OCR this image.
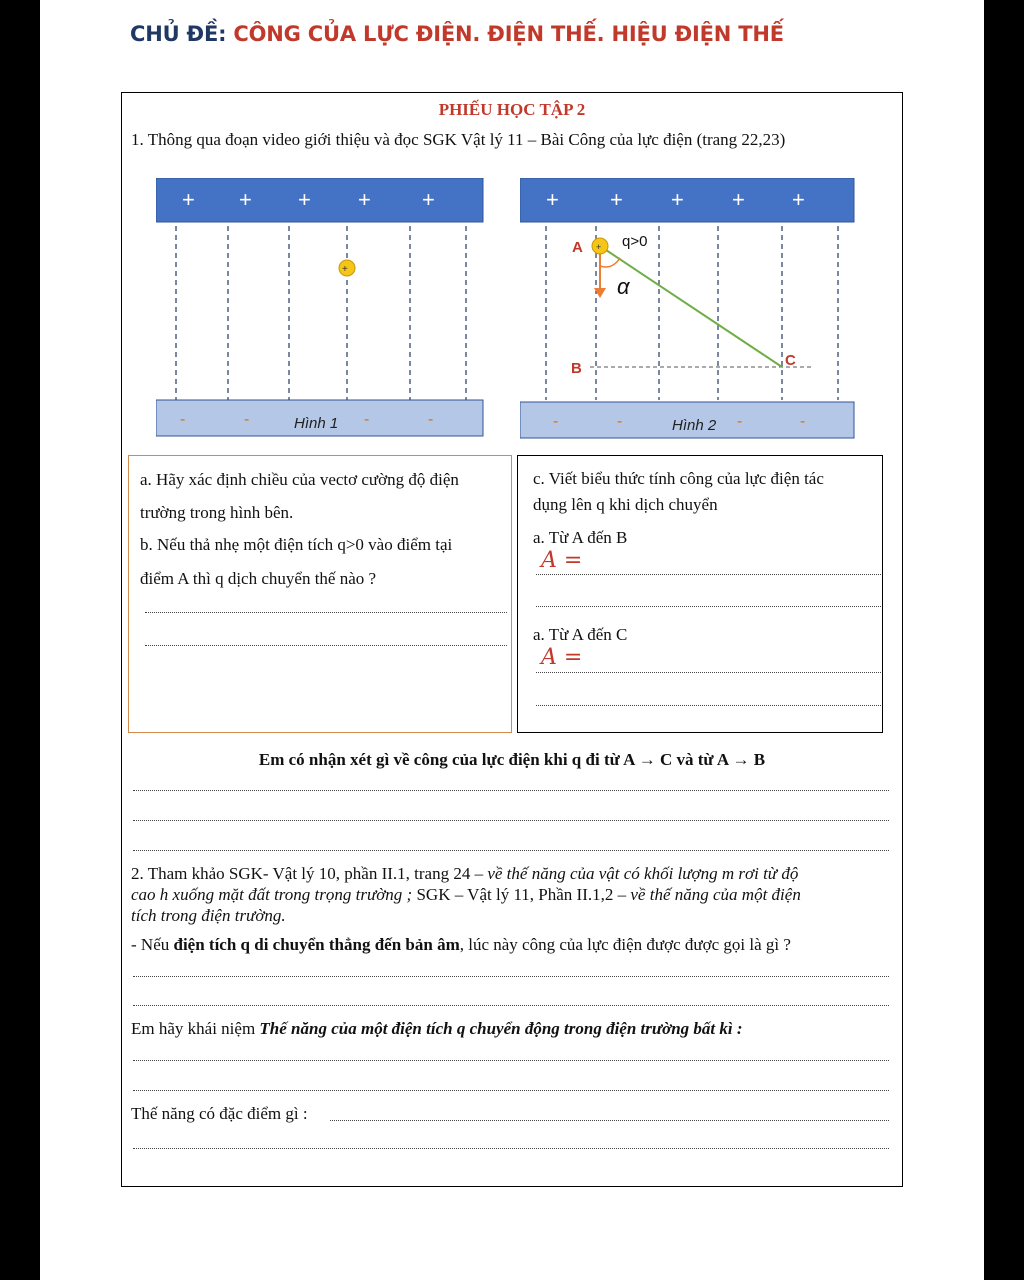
CHỦ ĐỀ: CÔNG CỦA LỰC ĐIỆN. ĐIỆN THẾ. HIỆU ĐIỆN THẾ
PHIẾU HỌC TẬP 2
1. Thông qua đoạn video giới thiệu và đọc SGK Vật lý 11 – Bài Công của lực điện (trang 22,23)
+ + + + +
+
-	-	Hình 1 -	-
+ + + + +
+
A	q>0
α
B	C
-	-	Hình 2 -	-
a. Hãy xác định chiều của vectơ cường độ điện
trường trong hình bên.
b. Nếu thả nhẹ một điện tích q>0 vào điểm tại
điểm A thì q dịch chuyển thế nào ?
c. Viết biểu thức tính công của lực điện tác
dụng lên q khi dịch chuyển
a. Từ A đến B
A =
a. Từ A đến C
A =
Em có nhận xét gì về công của lực điện khi q đi từ A → C và từ A → B
2. Tham khảo SGK- Vật lý 10, phần II.1, trang 24 – về thế năng của vật có khối lượng m rơi từ độ
cao h xuống mặt đất trong trọng trường ; SGK – Vật lý 11, Phần II.1,2 – về thế năng của một điện
tích trong điện trường.
- Nếu điện tích q di chuyển thẳng đến bản âm, lúc này công của lực điện được được gọi là gì ?
Em hãy khái niệm Thế năng của một điện tích q chuyển động trong điện trường bất kì :
Thế năng có đặc điểm gì :
